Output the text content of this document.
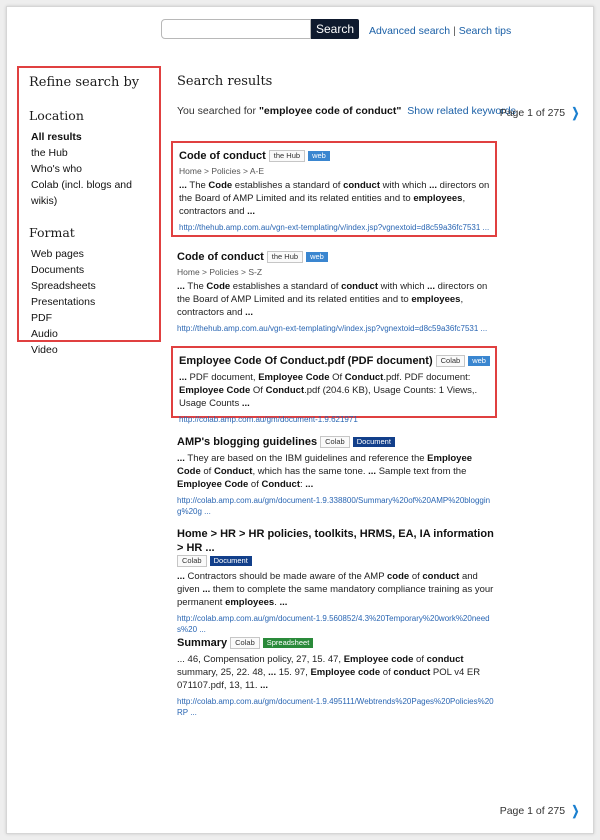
Search	Advanced search | Search tips
Refine search by
Location
All results
the Hub
Who's who
Colab (incl. blogs and wikis)
Format
Web pages
Documents
Spreadsheets
Presentations
PDF
Audio
Video
Search results
You searched for "employee code of conduct" Show related keywords
Page 1 of 275 ❯
Code of conduct	the Hub	web
Home > Policies > A-E
... The Code establishes a standard of conduct with which ... directors on the Board of AMP Limited and its related entities and to employees, contractors and ...
http://thehub.amp.com.au/vgn-ext-templating/v/index.jsp?vgnextoid=d8c59a36fc7531 ...
Code of conduct	the Hub	web
Home > Policies > S-Z
... The Code establishes a standard of conduct with which ... directors on the Board of AMP Limited and its related entities and to employees, contractors and ...
http://thehub.amp.com.au/vgn-ext-templating/v/index.jsp?vgnextoid=d8c59a36fc7531 ...
Employee Code Of Conduct.pdf (PDF document)	Colab	web
... PDF document, Employee Code Of Conduct.pdf. PDF document: Employee Code Of Conduct.pdf (204.6 KB), Usage Counts: 1 Views,. Usage Counts ...
http://colab.amp.com.au/gm/document-1.9.621971
AMP's blogging guidelines	Colab	Document
... They are based on the IBM guidelines and reference the Employee Code of Conduct, which has the same tone. ... Sample text from the Employee Code of Conduct: ...
http://colab.amp.com.au/gm/document-1.9.338800/Summary%20of%20AMP%20blogging%20g ...
Home > HR > HR policies, toolkits, HRMS, EA, IA information > HR ...
Colab	Document
... Contractors should be made aware of the AMP code of conduct and given ... them to complete the same mandatory compliance training as your permanent employees. ...
http://colab.amp.com.au/gm/document-1.9.560852/4.3%20Temporary%20work%20needs%20 ...
Summary	Colab	Spreadsheet
... 46, Compensation policy, 27, 15. 47, Employee code of conduct summary, 25, 22. 48, ... 15. 97, Employee code of conduct POL v4 ER 071107.pdf, 13, 11. ...
http://colab.amp.com.au/gm/document-1.9.495111/Webtrends%20Pages%20Policies%20RP ...
Page 1 of 275 ❯
